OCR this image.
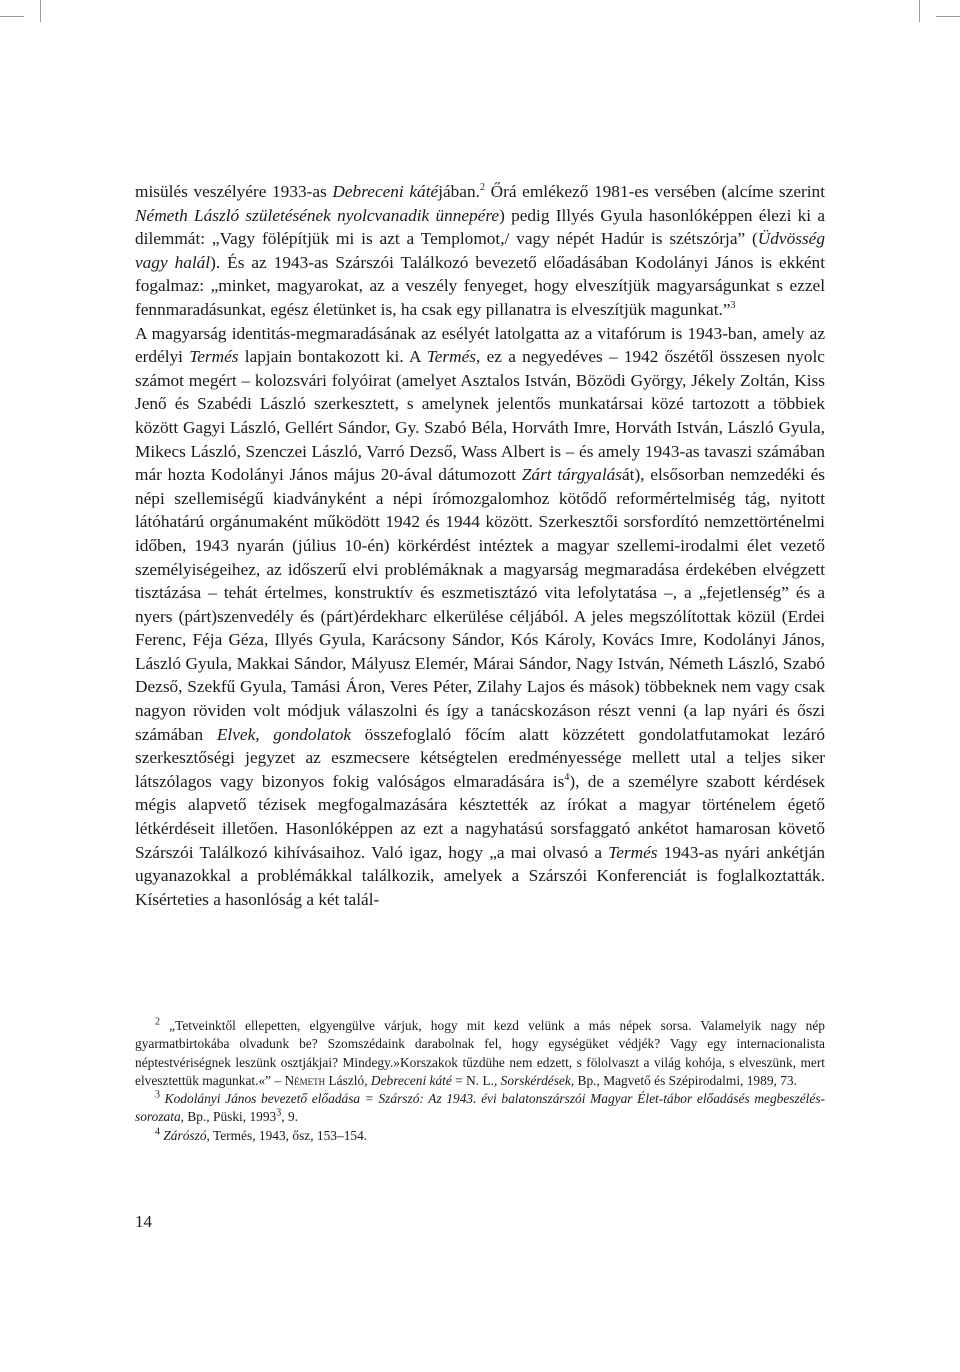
misülés veszélyére 1933-as Debreceni kátéjában.$^2$ Őrá emlékező 1981-es versében (alcíme szerint Németh László születésének nyolcvanadik ünnepére) pedig Illyés Gyula hasonlóképpen élezi ki a dilemmát: „Vagy fölépítjük mi is azt a Templomot,/ vagy népét Hadúr is szétszórja” (Üdvösség vagy halál). És az 1943-as Szárszói Találkozó bevezető előadásában Kodolányi János is ekként fogalmaz: „minket, magyarokat, az a veszély fenyeget, hogy elveszítjük magyarságunkat s ezzel fennmaradásunkat, egész életünket is, ha csak egy pillanatra is elveszítjük magunkat.”$^3$

A magyarság identitás-megmaradásának az esélyét latolgatta az a vitafórum is 1943-ban, amely az erdélyi Termés lapjain bontakozott ki. A Termés, ez a negyedéves – 1942 őszétől összesen nyolc számot megért – kolozsvári folyóirat (amelyet Asztalos István, Bözödi György, Jékely Zoltán, Kiss Jenő és Szabédi László szerkesztett, s amelynek jelentős munkatársai közé tartozott a többiek között Gagyi László, Gellért Sándor, Gy. Szabó Béla, Horváth Imre, Horváth István, László Gyula, Mikecs László, Szenczei László, Varró Dezső, Wass Albert is – és amely 1943-as tavaszi számában már hozta Kodolányi János május 20-ával dátumozott Zárt tárgyalását), elsősorban nemzedéki és népi szellemiségű kiadványként a népi írómozgalomhoz kötődő reformértelmiség tág, nyitott látóhatárú orgánumaként működött 1942 és 1944 között. Szerkesztői sorsfordító nemzettörténelmi időben, 1943 nyarán (július 10-én) körkérdést intéztek a magyar szellemi-irodalmi élet vezető személyiségeihez, az időszerű elvi problémáknak a magyarság megmaradása érdekében elvégzett tisztázása – tehát értelmes, konstruktív és eszmetisztázó vita lefolytatása –, a „fejetlenség” és a nyers (párt)szenvedély és (párt)érdekharc elkerülése céljából. A jeles megszólítottak közül (Erdei Ferenc, Féja Géza, Illyés Gyula, Karácsony Sándor, Kós Károly, Kovács Imre, Kodolányi János, László Gyula, Makkai Sándor, Mályusz Elemér, Márai Sándor, Nagy István, Németh László, Szabó Dezső, Szekfű Gyula, Tamási Áron, Veres Péter, Zilahy Lajos és mások) többeknek nem vagy csak nagyon röviden volt módjuk válaszolni és így a tanácskozáson részt venni (a lap nyári és őszi számában Elvek, gondolatok összefoglaló főcím alatt közzétett gondolatfutamokat lezáró szerkesztőségi jegyzet az eszmecsere kétségtelen eredményessége mellett utal a teljes siker látszólagos vagy bizonyos fokig valóságos elmaradására $is^4$), de a személyre szabott kérdések mégis alapvető tézisek megfogalmazására késztették az írókat a magyar történelem égető létkérdéseit illetően. Hasonlóképpen az ezt a nagyhatású sorsfaggató ankétot hamarosan követő Szárszói Találkozó kihívásaihoz. Való igaz, hogy „a mai olvasó a Termés 1943-as nyári ankétján ugyanazokkal a problémákkal találkozik, amelyek a Szárszói Konferenciát is foglalkoztatták. Kísérteties a hasonlóság a két talál-

$^2$ „Tetveinktől ellepetten, elgyengülve várjuk, hogy mit kezd velünk a más népek sorsa. Valamelyik nagy nép gyarmatbirtokába olvadunk be? Szomszédaink darabolnak fel, hogy egységüket védjék? Vagy egy internacionalista néptestvériségnek leszünk osztjákjai? Mindegy.»Korszakok tűzdühe nem edzett, s fölolvaszt a világ kohója, s elveszünk, mert elvesztettük magunkat.«” – Németh László, Debreceni káté = N. L., Sorskérdések, Bp., Magvető és Szépirodalmi, 1989, 73.

$^3$ Kodolányi János bevezető előadása = Szárszó: Az 1943. évi balatonszárszói Magyar Élet-tábor előadásés megbeszélés-sorozata, Bp., Püski, 1993$^3$, 9.

$^4$ Zárószó, Termés, 1943, ősz, 153–154.

14
